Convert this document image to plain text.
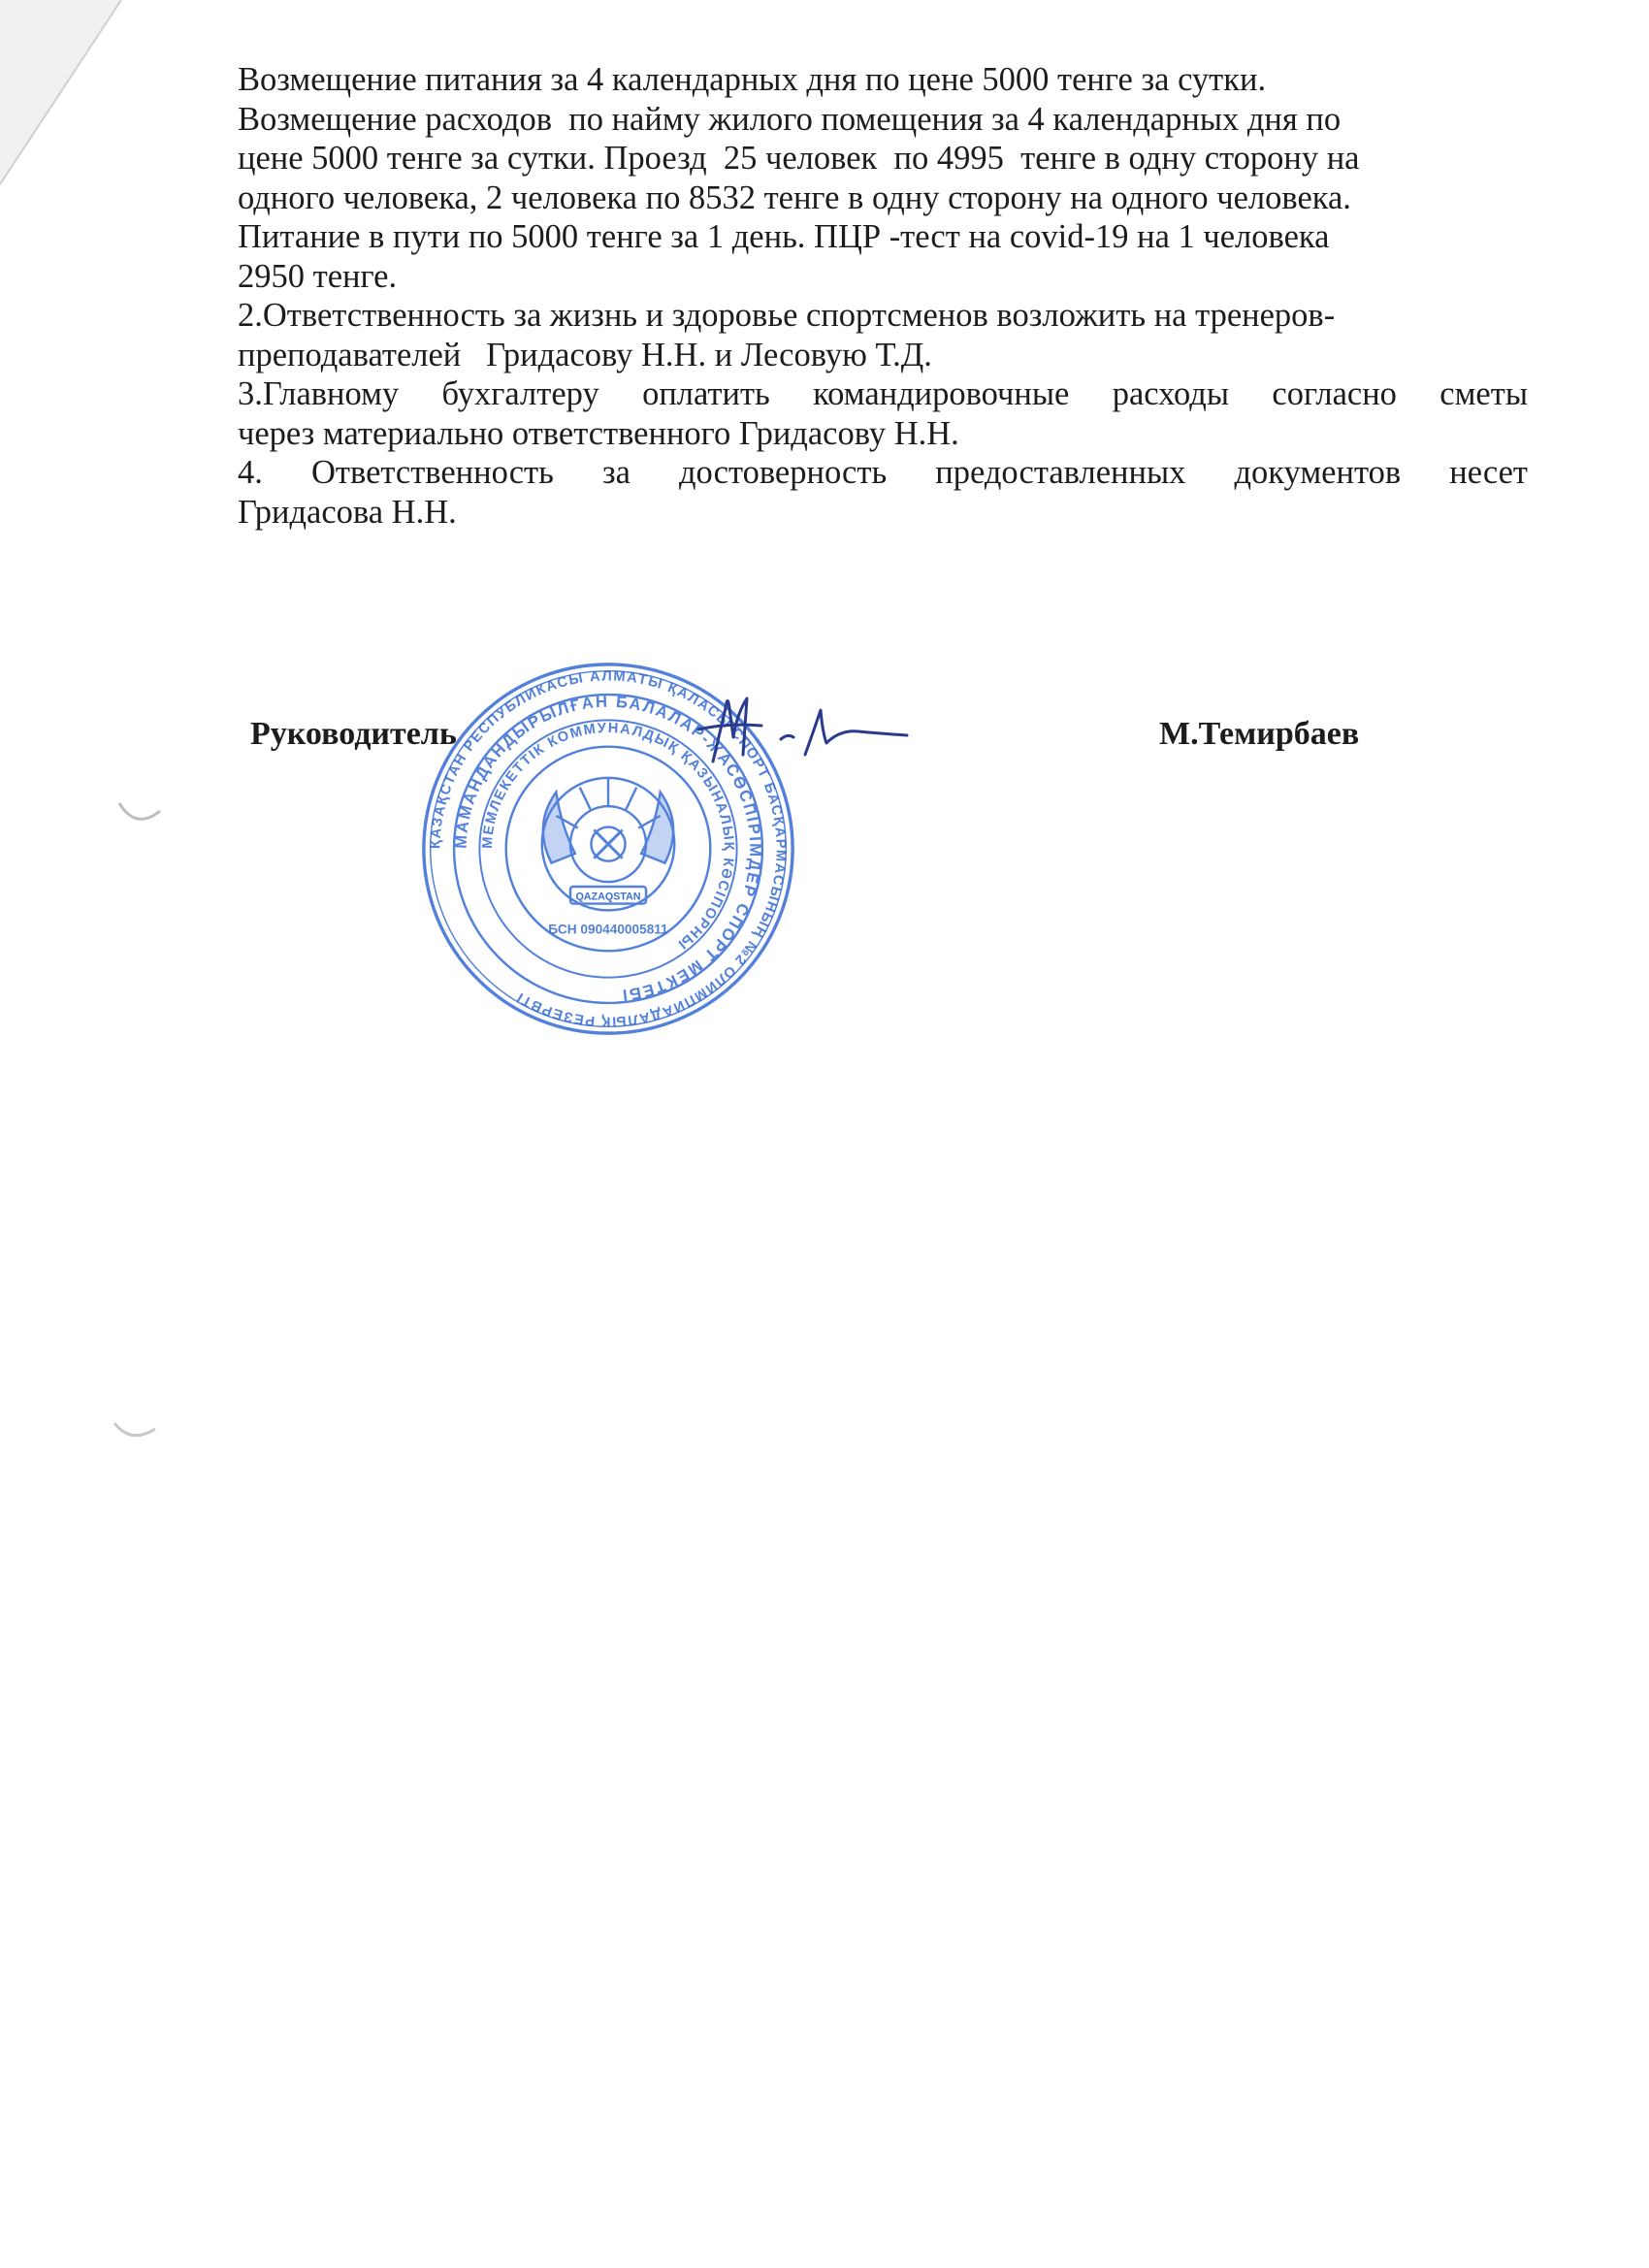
Возмещение питания за 4 календарных дня по цене 5000 тенге за сутки.
Возмещение расходов  по найму жилого помещения за 4 календарных дня по
цене 5000 тенге за сутки. Проезд  25 человек  по 4995  тенге в одну сторону на
одного человека, 2 человека по 8532 тенге в одну сторону на одного человека.
Питание в пути по 5000 тенге за 1 день. ПЦР -тест на covid-19 на 1 человека
2950 тенге.
2.Ответственность за жизнь и здоровье спортсменов возложить на тренеров-
преподавателей   Гридасову Н.Н. и Лесовую Т.Д.
3.Главному бухгалтеру оплатить командировочные расходы согласно сметы
через материально ответственного Гридасову Н.Н.
4. Ответственность за достоверность предоставленных документов несет
Гридасова Н.Н.
ҚАЗАҚСТАН РЕСПУБЛИКАСЫ АЛМАТЫ ҚАЛАСЫ СПОРТ БАСҚАРМАСЫНЫҢ №2 ОЛИМПИАДАЛЫҚ РЕЗЕРВТІ
МАМАНДАНДЫРЫЛҒАН БАЛАЛАР-ЖАСӨСПІРІМДЕР СПОРТ МЕКТЕБІ
МЕМЛЕКЕТТІК КОММУНАЛДЫҚ ҚАЗЫНАЛЫҚ КӘСІПОРНЫ
QAZAQSTAN
БСН 090440005811
Руководитель	М.Темирбаев
